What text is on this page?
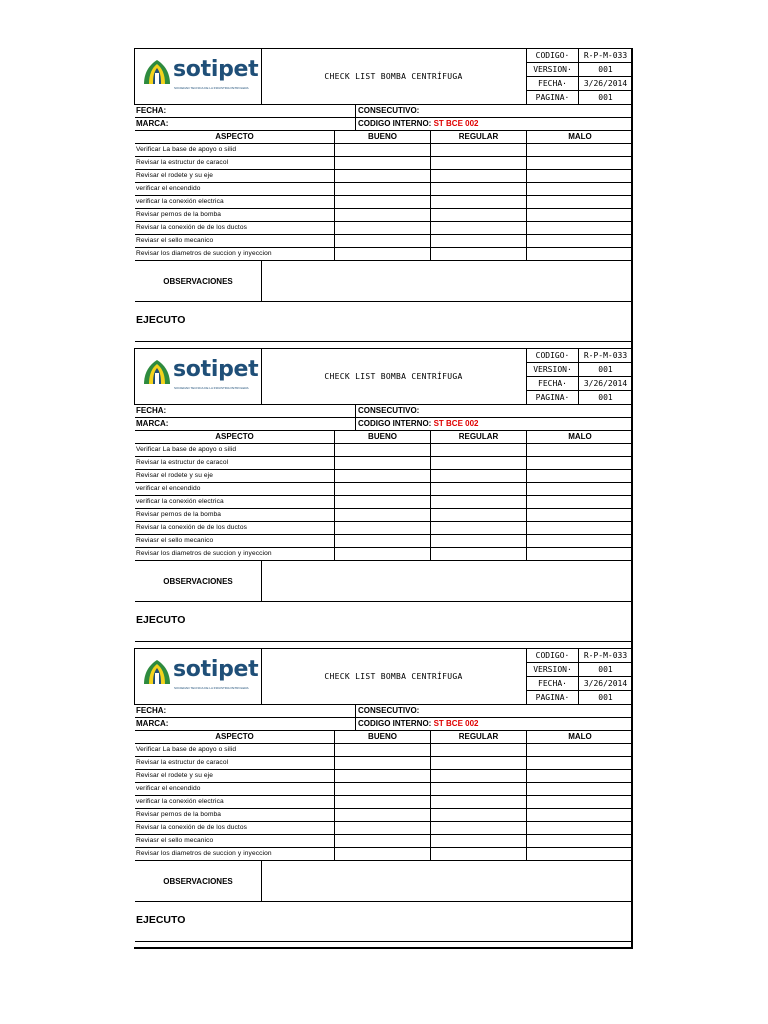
sotipet
SOCIEDAD TECNICA DE LA INDUSTRIA PETROLERA
CHECK LIST BOMBA CENTRÍFUGA
CODIGO·	R-P-M-033
VERSION·	001
FECHA·	3/26/2014
PAGINA·	001
FECHA:	CONSECUTIVO:
MARCA:	CODIGO INTERNO: ST BCE 002
ASPECTO	BUENO	REGULAR	MALO
Verificar La base de apoyo o silid
Revisar la estructur de caracol
Revisar el rodete y su eje
verificar el encendido
verificar la conexión electrica
Revisar pernos de la bomba
Revisar la conexión de de los ductos
Reviasr el sello mecanico
Revisar los diametros de succion y inyeccion
OBSERVACIONES
EJECUTO
sotipet
SOCIEDAD TECNICA DE LA INDUSTRIA PETROLERA
CHECK LIST BOMBA CENTRÍFUGA
CODIGO·	R-P-M-033
VERSION·	001
FECHA·	3/26/2014
PAGINA·	001
FECHA:	CONSECUTIVO:
MARCA:	CODIGO INTERNO: ST BCE 002
ASPECTO	BUENO	REGULAR	MALO
Verificar La base de apoyo o silid
Revisar la estructur de caracol
Revisar el rodete y su eje
verificar el encendido
verificar la conexión electrica
Revisar pernos de la bomba
Revisar la conexión de de los ductos
Reviasr el sello mecanico
Revisar los diametros de succion y inyeccion
OBSERVACIONES
EJECUTO
sotipet
SOCIEDAD TECNICA DE LA INDUSTRIA PETROLERA
CHECK LIST BOMBA CENTRÍFUGA
CODIGO·	R-P-M-033
VERSION·	001
FECHA·	3/26/2014
PAGINA·	001
FECHA:	CONSECUTIVO:
MARCA:	CODIGO INTERNO: ST BCE 002
ASPECTO	BUENO	REGULAR	MALO
Verificar La base de apoyo o silid
Revisar la estructur de caracol
Revisar el rodete y su eje
verificar el encendido
verificar la conexión electrica
Revisar pernos de la bomba
Revisar la conexión de de los ductos
Reviasr el sello mecanico
Revisar los diametros de succion y inyeccion
OBSERVACIONES
EJECUTO
